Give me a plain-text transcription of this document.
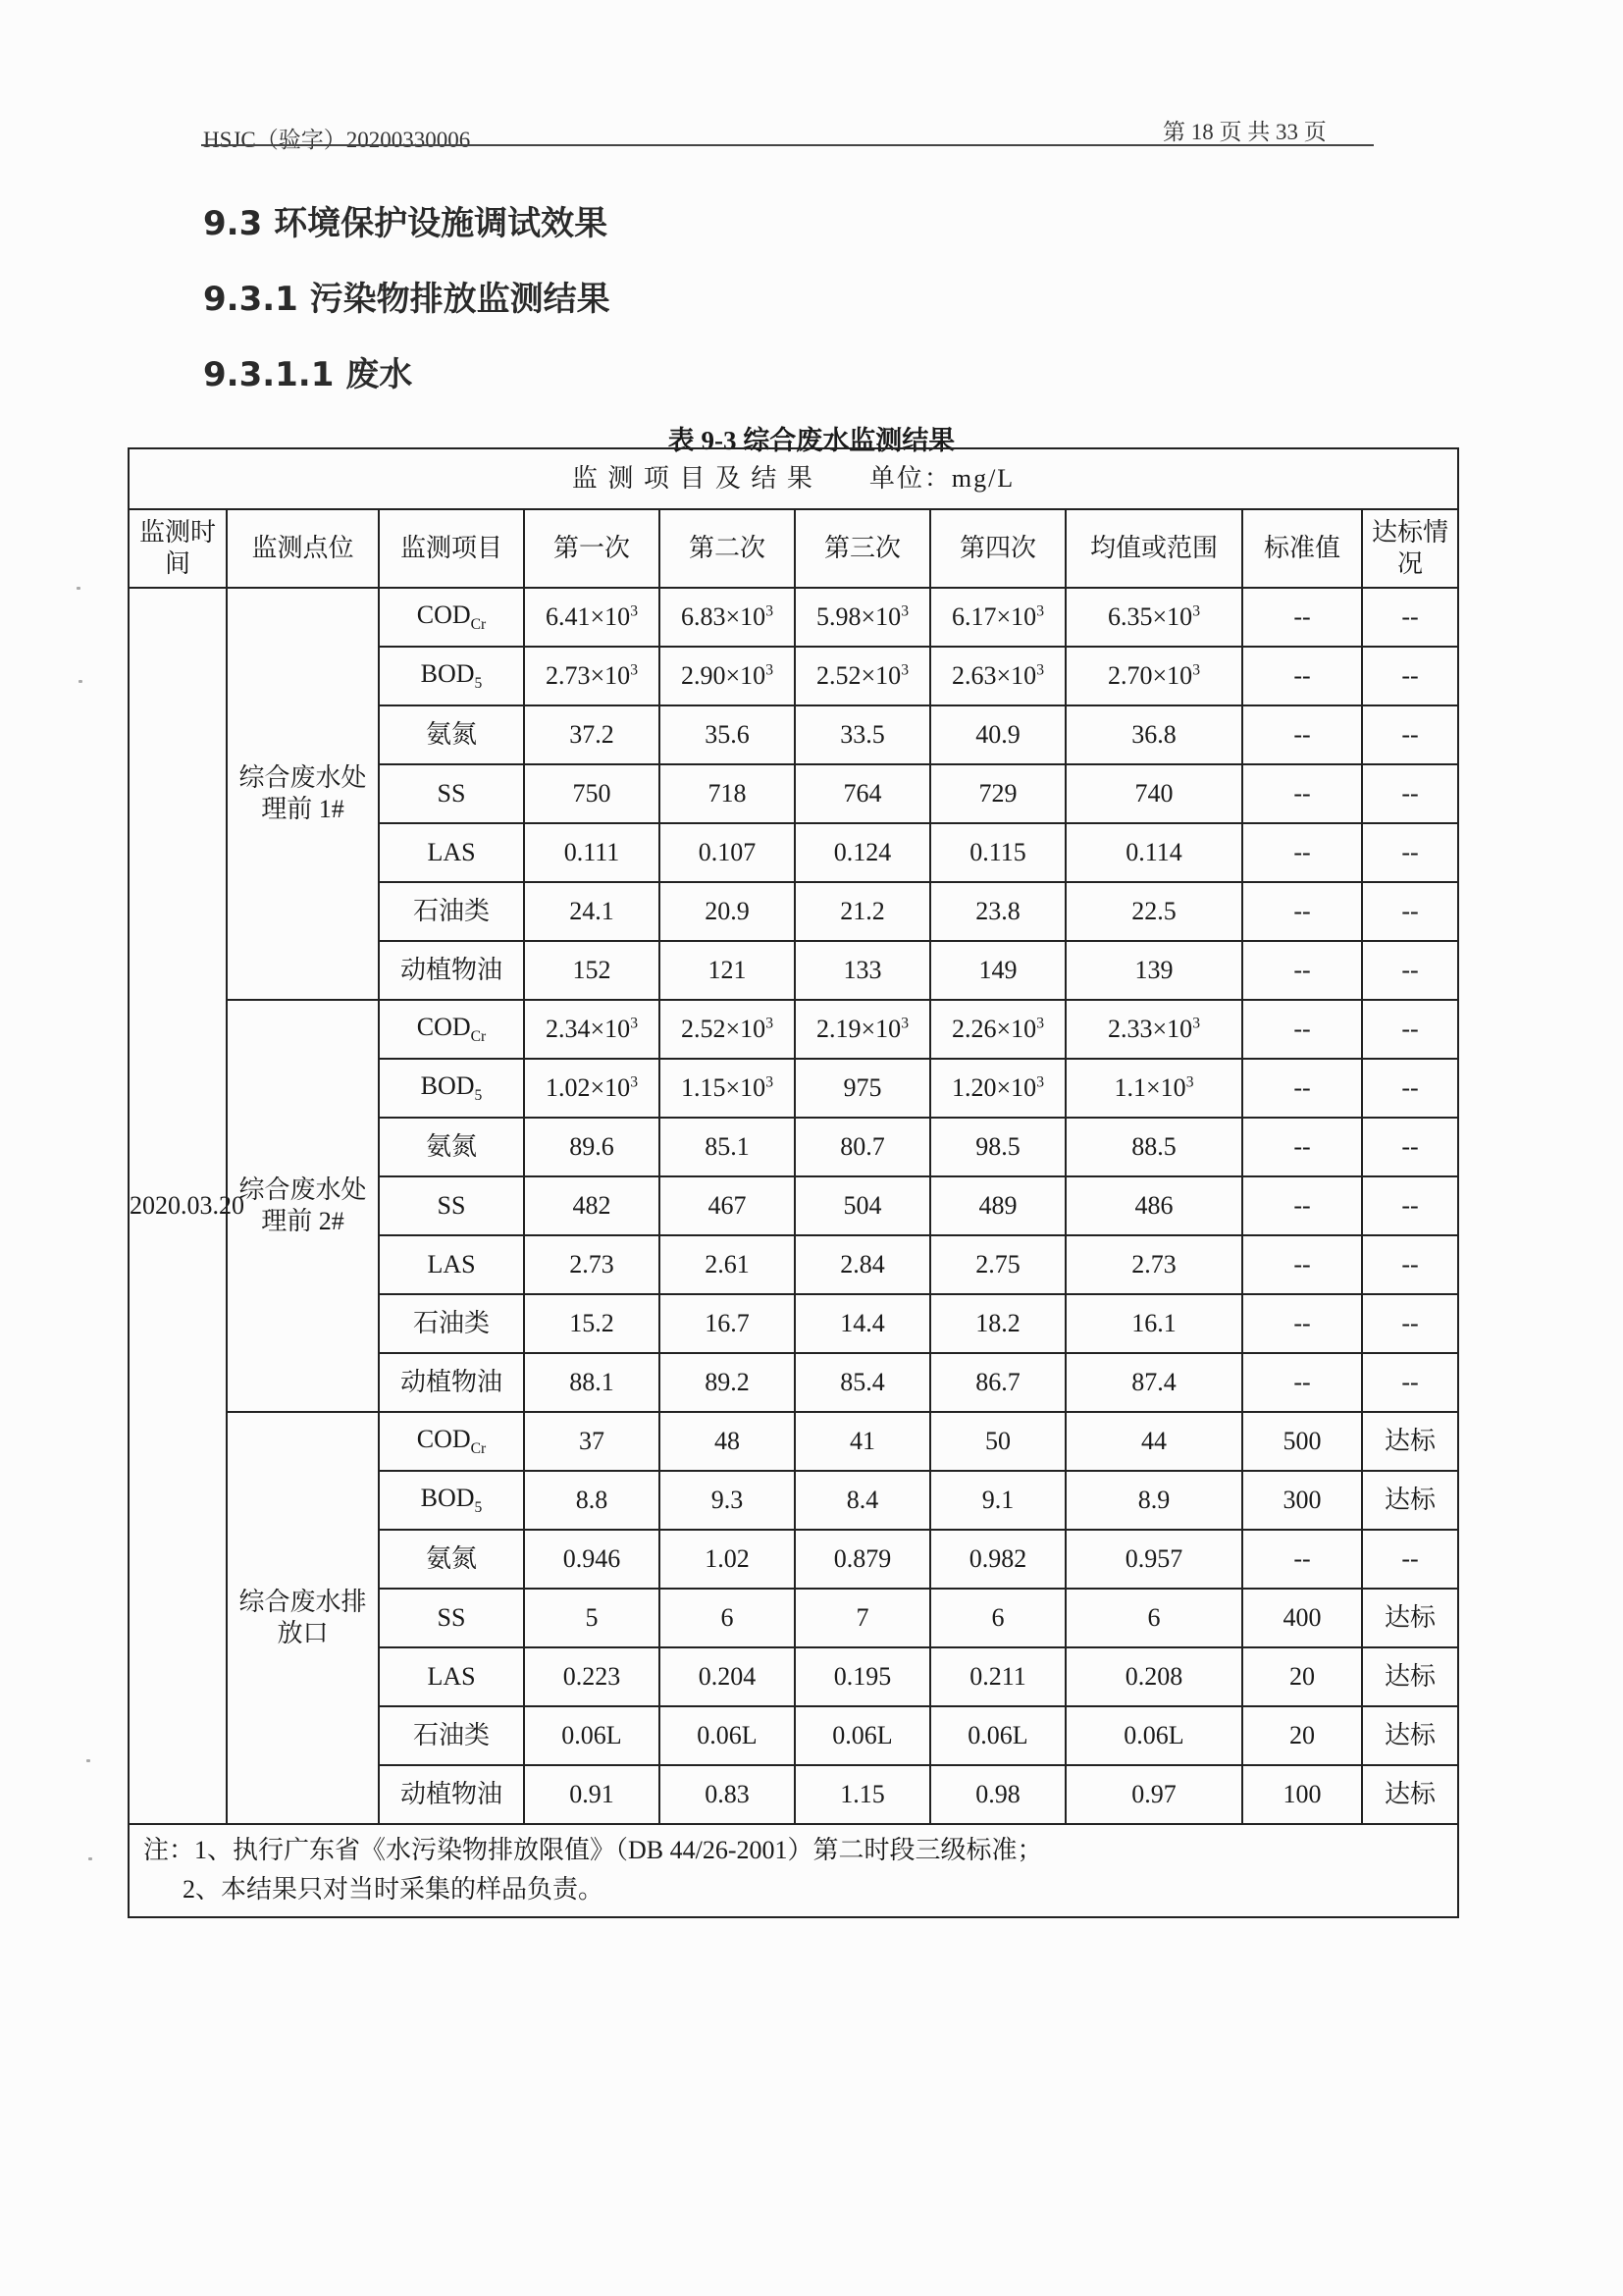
HSJC（验字）20200330006	第 18 页 共 33 页
9.3 环境保护设施调试效果
9.3.1 污染物排放监测结果
9.3.1.1 废水
表 9-3 综合废水监测结果
监 测 项 目 及 结 果　　单位：mg/L									
监测时间	监测点位	监测项目	第一次	第二次	第三次	第四次	均值或范围	标准值	达标情况
2020.03.20	综合废水处理前 1#	$COD_{Cr}$	$6.41\times 10^3$	$6.83\times 10^3$	$5.98\times 10^3$	$6.17\times 10^3$	$6.35\times 10^3$	--	--
		$BOD_5$	$2.73\times 10^3$	$2.90\times 10^3$	$2.52\times 10^3$	$2.63\times 10^3$	$2.70\times 10^3$	--	--
		氨氮	37.2	35.6	33.5	40.9	36.8	--	--
		SS	750	718	764	729	740	--	--
		LAS	0.111	0.107	0.124	0.115	0.114	--	--
		石油类	24.1	20.9	21.2	23.8	22.5	--	--
		动植物油	152	121	133	149	139	--	--
	综合废水处理前 2#	$COD_{Cr}$	$2.34\times 10^3$	$2.52\times 10^3$	$2.19\times 10^3$	$2.26\times 10^3$	$2.33\times 10^3$	--	--
		$BOD_5$	$1.02\times 10^3$	$1.15\times 10^3$	975	$1.20\times 10^3$	$1.1\times 10^3$	--	--
		氨氮	89.6	85.1	80.7	98.5	88.5	--	--
		SS	482	467	504	489	486	--	--
		LAS	2.73	2.61	2.84	2.75	2.73	--	--
		石油类	15.2	16.7	14.4	18.2	16.1	--	--
		动植物油	88.1	89.2	85.4	86.7	87.4	--	--
	综合废水排放口	$COD_{Cr}$	37	48	41	50	44	500	达标
		$BOD_5$	8.8	9.3	8.4	9.1	8.9	300	达标
		氨氮	0.946	1.02	0.879	0.982	0.957	--	--
		SS	5	6	7	6	6	400	达标
		LAS	0.223	0.204	0.195	0.211	0.208	20	达标
		石油类	0.06L	0.06L	0.06L	0.06L	0.06L	20	达标
		动植物油	0.91	0.83	1.15	0.98	0.97	100	达标

注：1、执行广东省《水污染物排放限值》（DB 44/26-2001）第二时段三级标准；
2、本结果只对当时采集的样品负责。									
